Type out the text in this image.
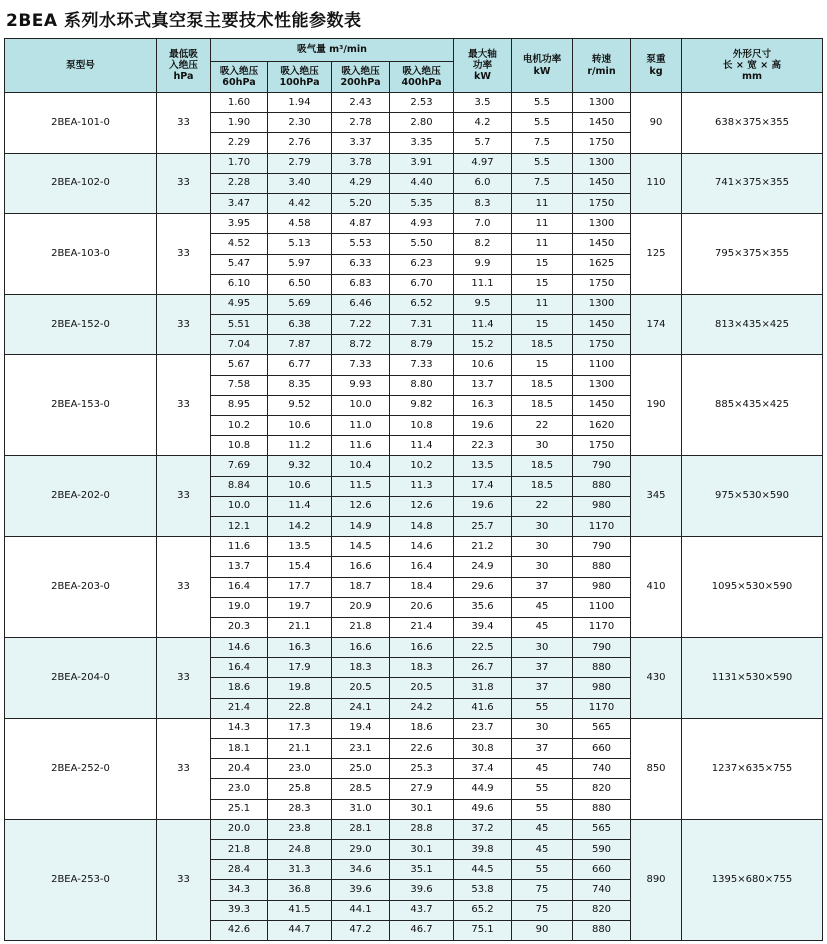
2BEA 系列水环式真空泵主要技术性能参数表
泵型号	最低吸
入绝压
hPa	吸气量 m³/min				最大轴
功率
kW	电机功率
kW	转速
r/min	泵重
kg	外形尺寸
长 × 宽 × 高
mm

		吸入绝压
60hPa	吸入绝压
100hPa	吸入绝压
200hPa	吸入绝压
400hPa					

2BEA-101-0	33	1.60	1.94	2.43	2.53	3.5	5.5	1300	90	638×375×355
		1.90	2.30	2.78	2.80	4.2	5.5	1450		
		2.29	2.76	3.37	3.35	5.7	7.5	1750		
2BEA-102-0	33	1.70	2.79	3.78	3.91	4.97	5.5	1300	110	741×375×355
		2.28	3.40	4.29	4.40	6.0	7.5	1450		
		3.47	4.42	5.20	5.35	8.3	11	1750		
2BEA-103-0	33	3.95	4.58	4.87	4.93	7.0	11	1300	125	795×375×355
		4.52	5.13	5.53	5.50	8.2	11	1450		
		5.47	5.97	6.33	6.23	9.9	15	1625		
		6.10	6.50	6.83	6.70	11.1	15	1750		
2BEA-152-0	33	4.95	5.69	6.46	6.52	9.5	11	1300	174	813×435×425
		5.51	6.38	7.22	7.31	11.4	15	1450		
		7.04	7.87	8.72	8.79	15.2	18.5	1750		
2BEA-153-0	33	5.67	6.77	7.33	7.33	10.6	15	1100	190	885×435×425
		7.58	8.35	9.93	8.80	13.7	18.5	1300		
		8.95	9.52	10.0	9.82	16.3	18.5	1450		
		10.2	10.6	11.0	10.8	19.6	22	1620		
		10.8	11.2	11.6	11.4	22.3	30	1750		
2BEA-202-0	33	7.69	9.32	10.4	10.2	13.5	18.5	790	345	975×530×590
		8.84	10.6	11.5	11.3	17.4	18.5	880		
		10.0	11.4	12.6	12.6	19.6	22	980		
		12.1	14.2	14.9	14.8	25.7	30	1170		
2BEA-203-0	33	11.6	13.5	14.5	14.6	21.2	30	790	410	1095×530×590
		13.7	15.4	16.6	16.4	24.9	30	880		
		16.4	17.7	18.7	18.4	29.6	37	980		
		19.0	19.7	20.9	20.6	35.6	45	1100		
		20.3	21.1	21.8	21.4	39.4	45	1170		
2BEA-204-0	33	14.6	16.3	16.6	16.6	22.5	30	790	430	1131×530×590
		16.4	17.9	18.3	18.3	26.7	37	880		
		18.6	19.8	20.5	20.5	31.8	37	980		
		21.4	22.8	24.1	24.2	41.6	55	1170		
2BEA-252-0	33	14.3	17.3	19.4	18.6	23.7	30	565	850	1237×635×755
		18.1	21.1	23.1	22.6	30.8	37	660		
		20.4	23.0	25.0	25.3	37.4	45	740		
		23.0	25.8	28.5	27.9	44.9	55	820		
		25.1	28.3	31.0	30.1	49.6	55	880		
2BEA-253-0	33	20.0	23.8	28.1	28.8	37.2	45	565	890	1395×680×755
		21.8	24.8	29.0	30.1	39.8	45	590		
		28.4	31.3	34.6	35.1	44.5	55	660		
		34.3	36.8	39.6	39.6	53.8	75	740		
		39.3	41.5	44.1	43.7	65.2	75	820		
		42.6	44.7	47.2	46.7	75.1	90	880		
